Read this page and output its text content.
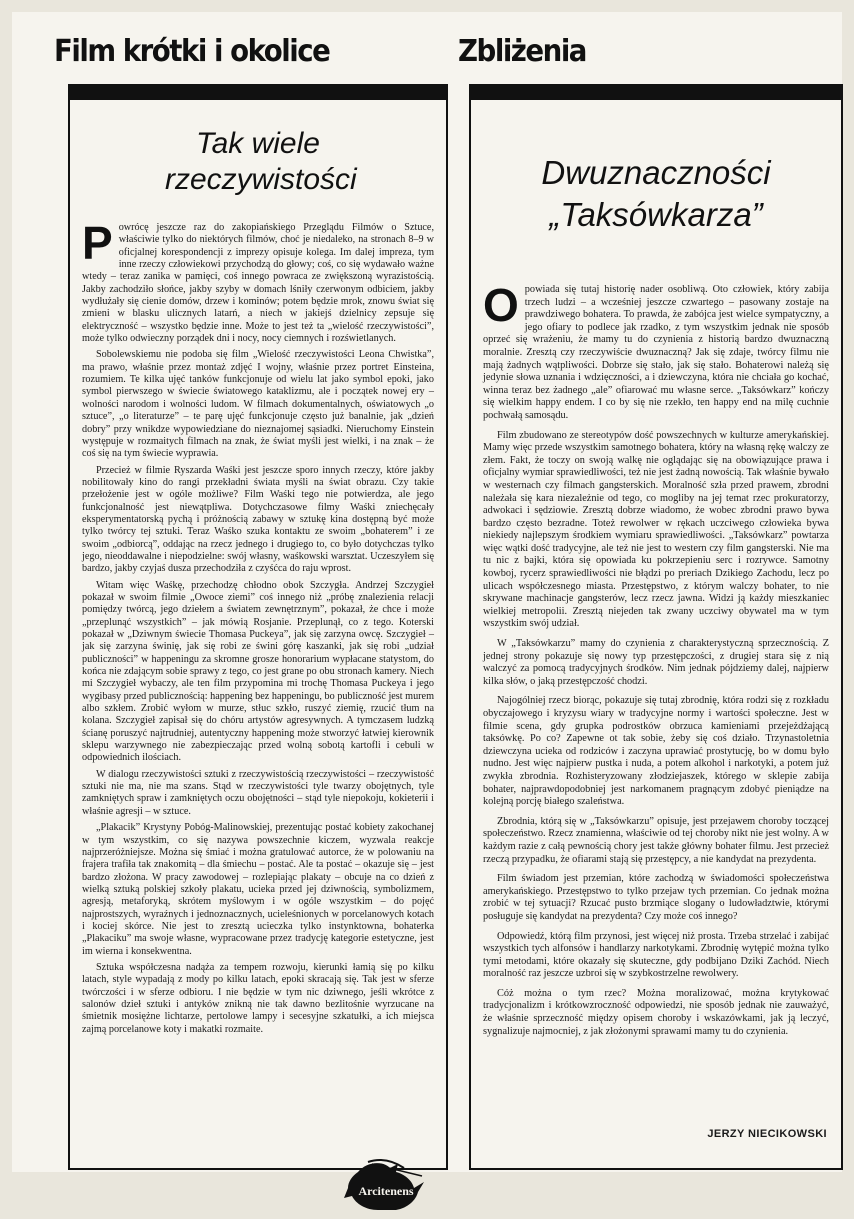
Film krótki i okolice	Zbliżenia
Tak wiele rzeczywistości

Powrócę jeszcze raz do zakopiańskiego Przeglądu Filmów o Sztuce, właściwie tylko do niektórych filmów, choć je niedaleko, na stronach 8–9 w oficjalnej korespondencji z imprezy opisuje kolega. Im dalej impreza, tym inne rzeczy człowiekowi przychodzą do głowy; coś, co się wydawało ważne wtedy – teraz zanika w pamięci, coś innego powraca ze zwiększoną wyrazistością. Jakby zachodziło słońce, jakby szyby w domach lśniły czerwonym odbiciem, jakby wydłużały się cienie domów, drzew i kominów; potem będzie mrok, znowu świat się zmieni w blasku ulicznych latarń, a niech w jakiejś dzielnicy zepsuje się elektryczność – wszystko będzie inne. Może to jest też ta „wielość rzeczywistości”, może tylko odwieczny porządek dni i nocy, nocy ciemnych i rozświetlanych.

Sobolewskiemu nie podoba się film „Wielość rzeczywistości Leona Chwistka”, ma prawo, właśnie przez montaż zdjęć I wojny, właśnie przez portret Einsteina, rozumiem. Te kilka ujęć tanków funkcjonuje od wielu lat jako symbol epoki, jako symbol pierwszego w świecie światowego kataklizmu, ale i początek nowej ery – wolności narodom i wolności ludom. W filmach dokumentalnych, oświatowych „o sztuce”, „o literaturze” – te parę ujęć funkcjonuje często już banalnie, jak „dzień dobry” przy wnikdze wypowiedziane do nieznajomej sąsiadki. Nieruchomy Einstein występuje w rozmaitych filmach na znak, że świat myśli jest wielki, i na znak – że coś się na tym świecie wyprawia.

Przecież w filmie Ryszarda Waśki jest jeszcze sporo innych rzeczy, które jakby nobilitowały kino do rangi przekładni świata myśli na świat obrazu. Czy takie przełożenie jest w ogóle możliwe? Film Waśki tego nie potwierdza, ale jego funkcjonalność jest niewątpliwa. Dotychczasowe filmy Waśki zniechęcały eksperymentatorską pychą i próżnością zabawy w sztukę kina dostępną być może tylko twórcy tej sztuki. Teraz Waśko szuka kontaktu ze swoim „bohaterem” i ze swoim „odbiorcą”, oddając na rzecz jednego i drugiego to, co było dotychczas tylko jego, nieoddawalne i niepodzielne: swój własny, waśkowski warsztat. Uczeszyłem się bardzo, jakby czyjaś dusza przechodziła z czyśćca do raju wprost.

Witam więc Waśkę, przechodzę chłodno obok Szczygła. Andrzej Szczygieł pokazał w swoim filmie „Owoce ziemi” coś innego niż „próbę znalezienia relacji pomiędzy twórcą, jego dziełem a światem zewnętrznym”, pokazał, że chce i może „przeplunąć wszystkich” – jak mówią Rosjanie. Przeplunął, co z tego. Koterski pokazał w „Dziwnym świecie Thomasa Puckeya”, jak się zarzyna owcę. Szczygieł – jak się zarzyna świnię, jak się robi ze świni górę kaszanki, jak się robi „udział publiczności” w happeningu za skromne grosze honorarium wypłacane statystom, do końca nie zdającym sobie sprawy z tego, co jest grane po obu stronach kamery. Niech mi Szczygieł wybaczy, ale ten film przypomina mi trochę Thomasa Puckeya i jego wygibasy przed publicznością: happening bez happeningu, bo publiczność jest murem albo szkłem. Zrobić wyłom w murze, stłuc szkło, ruszyć ziemię, rzucić tłum na kolana. Szczygieł zapisał się do chóru artystów agresywnych. A tymczasem ludzką ścianę poruszyć najtrudniej, autentyczny happening może stworzyć łatwiej kierownik sklepu warzywnego nie zabezpieczając przed wolną sobotą kartofli i cebuli w odpowiednich ilościach.

W dialogu rzeczywistości sztuki z rzeczywistością rzeczywistości – rzeczywistość sztuki nie ma, nie ma szans. Stąd w rzeczywistości tyle twarzy obojętnych, tyle zamkniętych spraw i zamkniętych oczu obojętności – stąd tyle niepokoju, kokieterii i właśnie agresji – w sztuce.

„Plakacik” Krystyny Pobóg-Malinowskiej, prezentując postać kobiety zakochanej w tym wszystkim, co się nazywa powszechnie kiczem, wyzwala reakcje najprzeróżniejsze. Można się śmiać i można gratulować autorce, że w polowaniu na frajera trafiła tak znakomitą – dla śmiechu – postać. Ale ta postać – okazuje się – jest bardzo złożona. W pracy zawodowej – rozlepiając plakaty – obcuje na co dzień z wielką sztuką polskiej szkoły plakatu, ucieka przed jej dziwnością, symbolizmem, agresją, metaforyką, skrótem myślowym i w ogóle wszystkim – do pojęć najprostszych, wyraźnych i jednoznacznych, ucieleśnionych w porcelanowych kotach i kociej skórce. Nie jest to zresztą ucieczka tylko instynktowna, bohaterka „Plakaciku” ma swoje własne, wypracowane przez tradycję kategorie estetyczne, jest im wierna i konsekwentna.

Sztuka współczesna nadąża za tempem rozwoju, kierunki łamią się po kilku latach, style wypadają z mody po kilku latach, epoki skracają się. Tak jest w sferze twórczości i w sferze odbioru. I nie będzie w tym nic dziwnego, jeśli wkrótce z salonów dzieł sztuki i antyków znikną nie tak dawno bezlitośnie wyrzucane na śmietnik mosiężne lichtarze, pertolowe lampy i secesyjne szkatułki, a ich miejsca zajmą porcelanowe koty i makatki rozmaite.

Arcitenens
Dwuznaczności
„Taksówkarza”

Opowiada się tutaj historię nader osobliwą. Oto człowiek, który zabija trzech ludzi – a wcześniej jeszcze czwartego – pasowany zostaje na prawdziwego bohatera. To prawda, że zabójca jest wielce sympatyczny, a jego ofiary to podlece jak rzadko, z tym wszystkim jednak nie sposób oprzeć się wrażeniu, że mamy tu do czynienia z historią bardzo dwuznaczną moralnie. Zresztą czy rzeczywiście dwuznaczną? Jak się zdaje, twórcy filmu nie mają żadnych wątpliwości. Dobrze się stało, jak się stało. Bohaterowi należą się jedynie słowa uznania i wdzięczności, a i dziewczyna, która nie chciała go kochać, winna teraz bez żadnego „ale” ofiarować mu własne serce. „Taksówkarz” kończy się wielkim happy endem. I co by się nie rzekło, ten happy end na milę cuchnie pochwałą samosądu.

Film zbudowano ze stereotypów dość powszechnych w kulturze amerykańskiej. Mamy więc przede wszystkim samotnego bohatera, który na własną rękę walczy ze złem. Fakt, że toczy on swoją walkę nie oglądając się na obowiązujące prawa i oficjalny wymiar sprawiedliwości, też nie jest żadną nowością. Tak właśnie bywało w westernach czy filmach gangsterskich. Moralność szła przed prawem, zbrodni należała się kara niezależnie od tego, co mogliby na jej temat rzec prokuratorzy, adwokaci i sędziowie. Zresztą dobrze wiadomo, że wobec zbrodni prawo bywa bardzo często bezradne. Toteż rewolwer w rękach uczciwego człowieka bywa niekiedy najlepszym środkiem wymiaru sprawiedliwości. „Taksówkarz” powtarza więc wątki dość tradycyjne, ale też nie jest to western czy film gangsterski. Nie ma tu nic z bajki, która się opowiada ku pokrzepieniu serc i rozrywce. Samotny kowboj, rycerz sprawiedliwości nie błądzi po preriach Dzikiego Zachodu, lecz po ulicach współczesnego miasta. Przestępstwo, z którym walczy bohater, to nie skrywane machinacje gangsterów, lecz rzecz jawna. Widzi ją każdy mieszkaniec wielkiej metropolii. Zresztą niejeden tak zwany uczciwy obywatel ma w tym wszystkim swój udział.

W „Taksówkarzu” mamy do czynienia z charakterystyczną sprzecznością. Z jednej strony pokazuje się nowy typ przestępczości, z drugiej stara się z nią walczyć za pomocą tradycyjnych środków. Nim jednak pójdziemy dalej, najpierw kilka słów, o jaką przestępczość chodzi.

Najogólniej rzecz biorąc, pokazuje się tutaj zbrodnię, która rodzi się z rozkładu obyczajowego i kryzysu wiary w tradycyjne normy i wartości społeczne. Jest w filmie scena, gdy grupka podrostków obrzuca kamieniami przejeżdżającą taksówkę. Po co? Zapewne ot tak sobie, żeby się coś działo. Trzynastoletnia dziewczyna ucieka od rodziców i zaczyna uprawiać prostytucję, bo w domu było nudno. Jest więc najpierw pustka i nuda, a potem alkohol i narkotyki, a potem już zwykła zbrodnia. Rozhisteryzowany złodziejaszek, którego w sklepie zabija bohater, najprawdopodobniej jest narkomanem pragnącym zdobyć pieniądze na kolejną porcję białego szaleństwa.

Zbrodnia, którą się w „Taksówkarzu” opisuje, jest przejawem choroby toczącej społeczeństwo. Rzecz znamienna, właściwie od tej choroby nikt nie jest wolny. A w każdym razie z całą pewnością chory jest także główny bohater filmu. Jest przecież rzeczą przypadku, że ofiarami stają się przestępcy, a nie kandydat na prezydenta.

Film świadom jest przemian, które zachodzą w świadomości społeczeństwa amerykańskiego. Przestępstwo to tylko przejaw tych przemian. Co jednak można zrobić w tej sytuacji? Rzucać pusto brzmiące slogany o ludowładztwie, którymi posługuje się kandydat na prezydenta? Czy może coś innego?

Odpowiedź, którą film przynosi, jest więcej niż prosta. Trzeba strzelać i zabijać wszystkich tych alfonsów i handlarzy narkotykami. Zbrodnię wytępić można tylko tymi metodami, które okazały się skuteczne, gdy podbijano Dziki Zachód. Niech moralność raz jeszcze uzbroi się w szybkostrzelne rewolwery.

Cóż można o tym rzec? Można moralizować, można krytykować tradycjonalizm i krótkowzroczność odpowiedzi, nie sposób jednak nie zauważyć, że właśnie sprzeczność między opisem choroby i wskazówkami, jak ją leczyć, sygnalizuje najmocniej, z jak złożonymi sprawami mamy tu do czynienia.

JERZY NIECIKOWSKI
